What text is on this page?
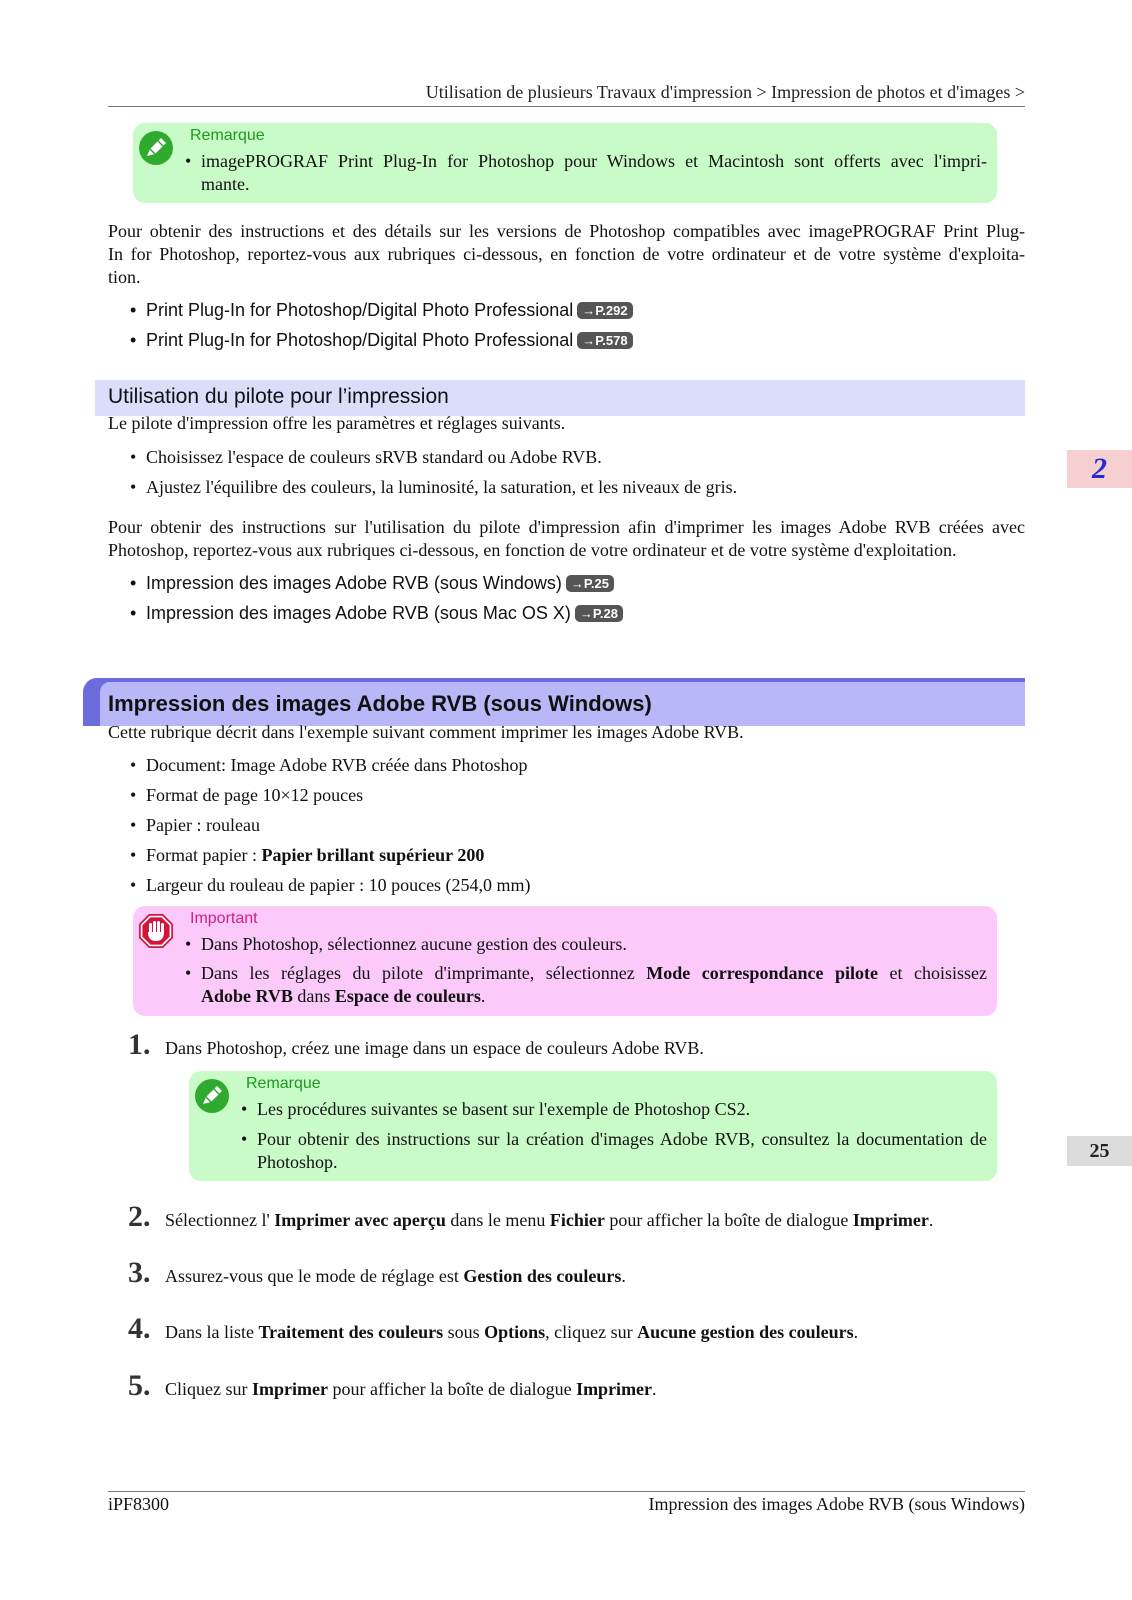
Utilisation de plusieurs Travaux d'impression > Impression de photos et d'images >
2
25
Remarque
• imagePROGRAF Print Plug-In for Photoshop pour Windows et Macintosh sont offerts avec l'impri-
mante.
Pour obtenir des instructions et des détails sur les versions de Photoshop compatibles avec imagePROGRAF Print Plug-
In for Photoshop, reportez-vous aux rubriques ci-dessous, en fonction de votre ordinateur et de votre système d'exploita-
tion.
• Print Plug-In for Photoshop/Digital Photo Professional →P.292
• Print Plug-In for Photoshop/Digital Photo Professional →P.578
Utilisation du pilote pour l’impression
Le pilote d'impression offre les paramètres et réglages suivants.
• Choisissez l'espace de couleurs sRVB standard ou Adobe RVB.
• Ajustez l'équilibre des couleurs, la luminosité, la saturation, et les niveaux de gris.
Pour obtenir des instructions sur l'utilisation du pilote d'impression afin d'imprimer les images Adobe RVB créées avec
Photoshop, reportez-vous aux rubriques ci-dessous, en fonction de votre ordinateur et de votre système d'exploitation.
• Impression des images Adobe RVB (sous Windows) →P.25
• Impression des images Adobe RVB (sous Mac OS X) →P.28
Impression des images Adobe RVB (sous Windows)
Cette rubrique décrit dans l'exemple suivant comment imprimer les images Adobe RVB.
• Document: Image Adobe RVB créée dans Photoshop
• Format de page 10×12 pouces
• Papier : rouleau
• Format papier : Papier brillant supérieur 200
• Largeur du rouleau de papier : 10 pouces (254,0 mm)
Important
• Dans Photoshop, sélectionnez aucune gestion des couleurs.
• Dans les réglages du pilote d'imprimante, sélectionnez Mode correspondance pilote et choisissez
Adobe RVB dans Espace de couleurs.
1. Dans Photoshop, créez une image dans un espace de couleurs Adobe RVB.
Remarque
• Les procédures suivantes se basent sur l'exemple de Photoshop CS2.
• Pour obtenir des instructions sur la création d'images Adobe RVB, consultez la documentation de
Photoshop.
2. Sélectionnez l' Imprimer avec aperçu dans le menu Fichier pour afficher la boîte de dialogue Imprimer.
3. Assurez-vous que le mode de réglage est Gestion des couleurs.
4. Dans la liste Traitement des couleurs sous Options, cliquez sur Aucune gestion des couleurs.
5. Cliquez sur Imprimer pour afficher la boîte de dialogue Imprimer.
iPF8300	Impression des images Adobe RVB (sous Windows)
